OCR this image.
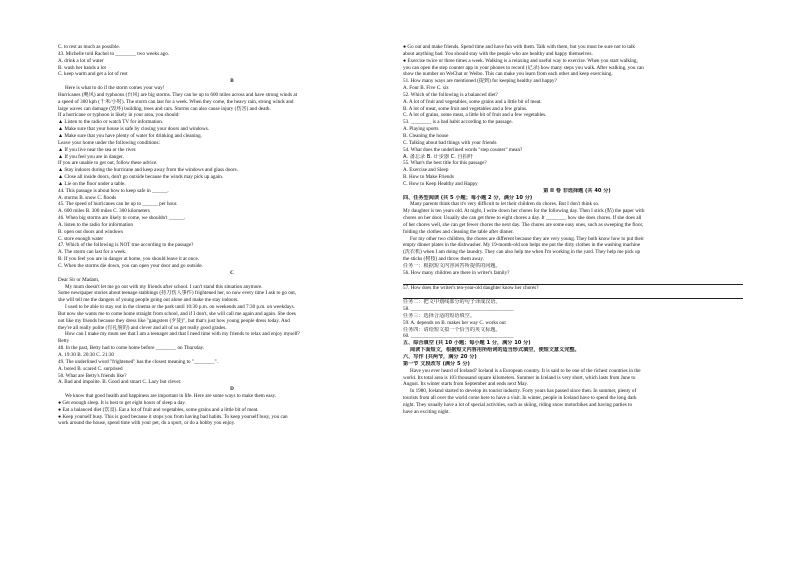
C. to rest as much as possible.
43. Michelle told Rachel to ________ two weeks ago.
A. drink a lot of water
B. wash her hands a lot
C. keep warm and get a lot of rest
B
Here is what to do if the storm comes your way!
Hurricanes (飓风) and typhoons (台风) are big storms. They can be up to 600 miles across and have strong winds at
a speed of 300 kph (千米/小时). The storm can last for a week. When they come, the heavy rain, strong winds and
large waves can damage (毁坏) building, trees and cars. Storms can also cause injury (伤害) and death.
If a hurricane or typhoon is likely in your area, you should:
▲ Listen to the radio or watch TV for information.
▲ Make sure that your house is safe by closing your doors and windows.
▲ Make sure that you have plenty of water for drinking and cleaning.
Leave your home under the following conditions:
▲ If you live near the sea or the river.
▲ If you feel you are in danger.
If you are unable to get out, follow these advice.
▲ Stay indoors during the hurricane and keep away from the windows and glass doors.
▲ Close all inside doors, don't go outside because the winds may pick up again.
▲ Lie on the floor under a table.
44. This passage is about how to keep safe in ______.
A. storms B. snow C. floods
45. The speed of hurricanes can be up to ______ per hour.
A. 600 miles B. 300 miles C. 300 kilometers
46. When big storms are likely to come, we shouldn't ______.
A. listen to the radio for information
B. open out doors and windows
C. store enough water
47. Which of the following is NOT true according to the passage?
A. The storm can last for a week.
B. If you feel you are in danger at home, you should leave it at once.
C. When the storms die down, you can open your door and go outside.
C
Dear Sir or Madam,
My mum doesn't let me go out with my friends after school. I can't stand this situation anymore.
Some newspaper stories about teenage stabbings (持刀伤人事件) frightened her, so now every time I ask to go out,
she will tell me the dangers of young people going out alone and make me stay indoors.
I used to be able to stay out in the cinema or the park until 10:30 p.m. on weekends and 7:30 p.m. on weekdays.
But now she wants me to come home straight from school, and if I don't, she will call me again and again. She does
not like my friends because they dress like "gangsters (歹徒)", but that's just how young people dress today. And
they're all really polite (有礼貌的) and clever and all of us get really good grades.
How can I make my mum see that I am a teenager and that I need time with my friends to relax and enjoy myself?
Betty
48. In the past, Betty had to come home before ________ on Thursday.
A. 19:30 B. 20:30 C. 21:30
49. The underlined word "frightened" has the closest meaning to "________".
A. bored B. scared C. surprised
50. What are Betty's friends like?
A. Bad and impolite. B. Good and smart C. Lazy but clever.
D
We know that good health and happiness are important in life. Here are some ways to make them easy.
● Get enough sleep. It is best to get eight hours of sleep a day.
● Eat a balanced diet (饮食). Eat a lot of fruit and vegetables, some grains and a little bit of meat.
● Keep yourself busy. This is good because it stops you from having bad habits. To keep yourself busy, you can
work around the house, spend time with your pet, do a sport, or do a hobby you enjoy.
● Go out and make friends. Spend time and have fun with them. Talk with them, but you must be sure not to talk
about anything bad. You should stay with the people who are healthy and happy themselves.
● Exercise twice or three times a week. Walking is a relaxing and useful way to exercise. When you start walking,
you can open the step counter app in your phones to record (记录) how many steps you walk. After walking, you can
show the number on WeChat or Weibo. This can make you learn from each other and keep exercising.
51. How many ways are mentioned (提到) for keeping healthy and happy?
A. Four B. Five C. six
52. Which of the following is a balanced diet?
A. A lot of fruit and vegetables, some grains and a little bit of meat.
B. A lot of meat, some fruit and vegetables and a few grains.
C. A lot of grains, some meat, a little bit of fruit and a few vegetables.
53. ________ is a bad habit according to the passage.
A. Playing sports
B. Cleaning the house
C. Talking about bad things with your friends
54. What does the underlined words "step counter" mean?
A. 备忘录 B. 计步器 C. 自拍杆
55. What's the best title for this passage?
A. Exercise and Sleep
B. How to Make Friends
C. How to Keep Healthy and Happy
第 II 卷 非选择题 (共 40 分)
四、任务型阅读 (共 5 小题；每小题 2 分，满分 10 分)
Many parents think that it's very difficult to let their children do chores. But I don't think so.
My daughter is ten years old. At night, I write down her chores for the following day. Then I stick (贴) the paper with
chores on her door. Usually she can get three to eight chores a day. It ________ how she does chores. If she does all
of her chores well, she can get fewer chores the next day. The chores are some easy ones, such as sweeping the floor,
folding the clothes and cleaning the table after dinner.
For my other two children, the chores are different because they are very young. They both know how to put their
empty dinner plates in the dishwasher. My 19-month-old son helps me put the dirty clothes in the washing machine
(洗衣机) when I am doing the laundry. They can also help me when I'm working in the yard. They help me pick up
the sticks (树枝) and throw them away.
任务一：根据短文内容回答所提供的问题。
56. How many children are there in writer's family?
57. How does the writer's ten-year-old daughter know her chores?
任务二：把文中划线部分的句子译成汉语。
58. ________________________________________
任务三：选择合适的短语填空。
59. A. depends on B. makes her way C. works out
任务四：请给短文拟一个恰当的英文标题。
60. ________________________________________
五、综合填空 (共 10 小题；每小题 1 分，满分 10 分)
阅读下面短文，根据短文内容用所给词的适当形式填空，使短文意义完整。
六、写作 (共两节，满分 20 分)
第一节 文段改写 (满分 5 分)
Have you ever heard of Iceland? Iceland is a European country. It is said to be one of the richest countries in the
world. Its total area is 103 thousand square kilometers. Summer in Iceland is very short, which lasts from June to
August. Its winter starts from September and ends next May.
In 1980, Iceland started to develop its tourist industry. Forty years has passed since then. In summer, plenty of
tourists from all over the world come here to have a visit. In winter, people in Iceland have to spend the long dark
night. They usually have a lot of special activities, such as skiing, riding snow motorbikes and having parties to
have an exciting night.
